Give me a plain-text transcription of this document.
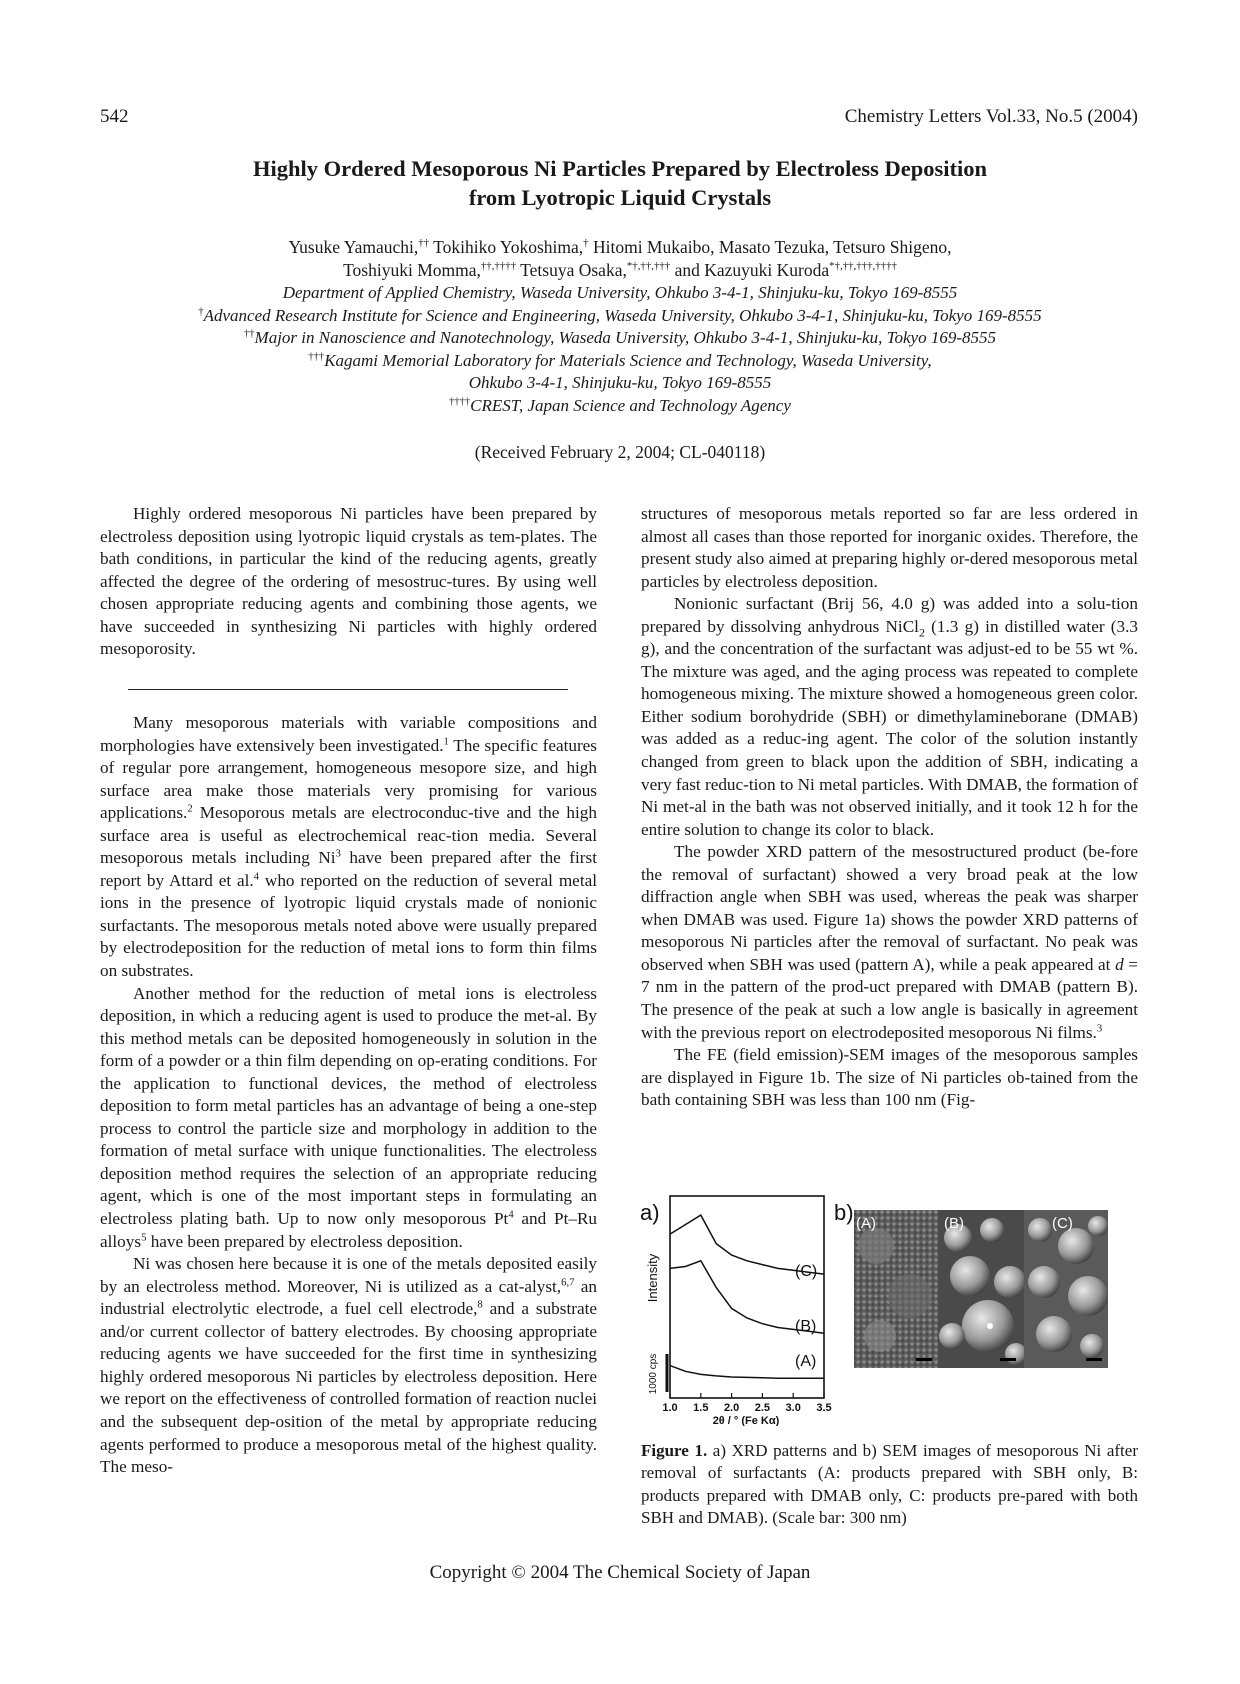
542	Chemistry Letters Vol.33, No.5 (2004)
Highly Ordered Mesoporous Ni Particles Prepared by Electroless Deposition
from Lyotropic Liquid Crystals
Yusuke Yamauchi,†† Tokihiko Yokoshima,† Hitomi Mukaibo, Masato Tezuka, Tetsuro Shigeno,
Toshiyuki Momma,††,†††† Tetsuya Osaka,*†,††,††† and Kazuyuki Kuroda*†,††,†††,††††
Department of Applied Chemistry, Waseda University, Ohkubo 3-4-1, Shinjuku-ku, Tokyo 169-8555
†Advanced Research Institute for Science and Engineering, Waseda University, Ohkubo 3-4-1, Shinjuku-ku, Tokyo 169-8555
††Major in Nanoscience and Nanotechnology, Waseda University, Ohkubo 3-4-1, Shinjuku-ku, Tokyo 169-8555
†††Kagami Memorial Laboratory for Materials Science and Technology, Waseda University,
Ohkubo 3-4-1, Shinjuku-ku, Tokyo 169-8555
††††CREST, Japan Science and Technology Agency
(Received February 2, 2004; CL-040118)

Highly ordered mesoporous Ni particles have been prepared by electroless deposition using lyotropic liquid crystals as tem-plates. The bath conditions, in particular the kind of the reducing agents, greatly affected the degree of the ordering of mesostruc-tures. By using well chosen appropriate reducing agents and combining those agents, we have succeeded in synthesizing Ni particles with highly ordered mesoporosity.

Many mesoporous materials with variable compositions and morphologies have extensively been investigated.$^1$ The specific features of regular pore arrangement, homogeneous mesopore size, and high surface area make those materials very promising for various applications.$^2$ Mesoporous metals are electroconduc-tive and the high surface area is useful as electrochemical reac-tion media. Several mesoporous metals including Ni$^3$ have been prepared after the first report by Attard et al.$^4$ who reported on the reduction of several metal ions in the presence of lyotropic liquid crystals made of nonionic surfactants. The mesoporous metals noted above were usually prepared by electrodeposition for the reduction of metal ions to form thin films on substrates.

Another method for the reduction of metal ions is electroless deposition, in which a reducing agent is used to produce the met-al. By this method metals can be deposited homogeneously in solution in the form of a powder or a thin film depending on op-erating conditions. For the application to functional devices, the method of electroless deposition to form metal particles has an advantage of being a one-step process to control the particle size and morphology in addition to the formation of metal surface with unique functionalities. The electroless deposition method requires the selection of an appropriate reducing agent, which is one of the most important steps in formulating an electroless plating bath. Up to now only mesoporous Pt$^4$ and Pt–Ru alloys$^5$ have been prepared by electroless deposition.

Ni was chosen here because it is one of the metals deposited easily by an electroless method. Moreover, Ni is utilized as a cat-alyst,$^{6,7}$ an industrial electrolytic electrode, a fuel cell electrode,$^8$ and a substrate and/or current collector of battery electrodes. By choosing appropriate reducing agents we have succeeded for the first time in synthesizing highly ordered mesoporous Ni particles by electroless deposition. Here we report on the effectiveness of controlled formation of reaction nuclei and the subsequent dep-osition of the metal by appropriate reducing agents performed to produce a mesoporous metal of the highest quality. The meso-

structures of mesoporous metals reported so far are less ordered in almost all cases than those reported for inorganic oxides. Therefore, the present study also aimed at preparing highly or-dered mesoporous metal particles by electroless deposition.

Nonionic surfactant (Brij 56, 4.0 g) was added into a solu-tion prepared by dissolving anhydrous NiCl$_2$ (1.3 g) in distilled water (3.3 g), and the concentration of the surfactant was adjust-ed to be 55 wt %. The mixture was aged, and the aging process was repeated to complete homogeneous mixing. The mixture showed a homogeneous green color. Either sodium borohydride (SBH) or dimethylamineborane (DMAB) was added as a reduc-ing agent. The color of the solution instantly changed from green to black upon the addition of SBH, indicating a very fast reduc-tion to Ni metal particles. With DMAB, the formation of Ni met-al in the bath was not observed initially, and it took 12 h for the entire solution to change its color to black.

The powder XRD pattern of the mesostructured product (be-fore the removal of surfactant) showed a very broad peak at the low diffraction angle when SBH was used, whereas the peak was sharper when DMAB was used. Figure 1a) shows the powder XRD patterns of mesoporous Ni particles after the removal of surfactant. No peak was observed when SBH was used (pattern A), while a peak appeared at d = 7 nm in the pattern of the prod-uct prepared with DMAB (pattern B). The presence of the peak at such a low angle is basically in agreement with the previous report on electrodeposited mesoporous Ni films.$^3$

The FE (field emission)-SEM images of the mesoporous samples are displayed in Figure 1b. The size of Ni particles ob-tained from the bath containing SBH was less than 100 nm (Fig-

a)
1.0 1.5 2.0 2.5 3.0 3.5
Intensity
1000 cps
2θ / ° (Fe Kα)
(C)
(B)
(A)
b) (A)	(B)	(C)
Figure 1. a) XRD patterns and b) SEM images of mesoporous Ni after removal of surfactants (A: products prepared with SBH only, B: products prepared with DMAB only, C: products pre-pared with both SBH and DMAB). (Scale bar: 300 nm)
Copyright © 2004 The Chemical Society of Japan
